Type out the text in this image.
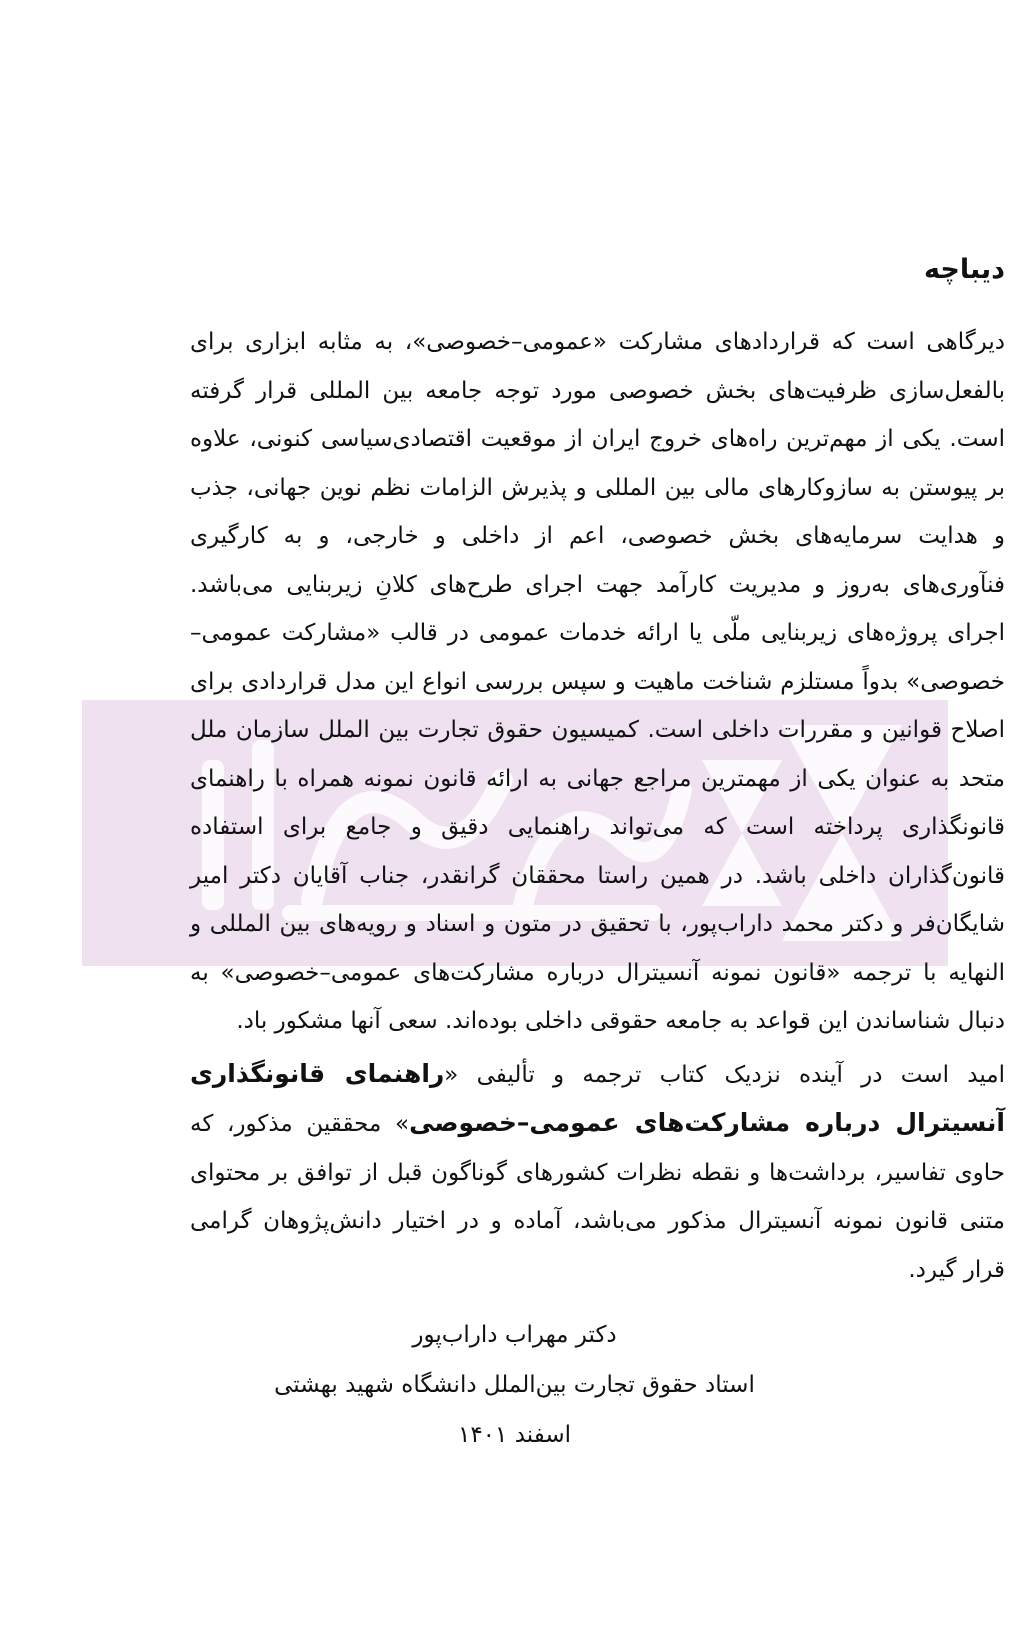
دیباچه

دیرگاهی است که قراردادهای مشارکت «عمومی–خصوصی»، به مثابه ابزاری برای بالفعل‌سازی ظرفیت‌های بخش خصوصی مورد توجه جامعه بین المللی قرار گرفته است. یکی از مهم‌ترین راه‌های خروج ایران از موقعیت اقتصادی‌سیاسی کنونی، علاوه بر پیوستن به سازوکارهای مالی بین المللی و پذیرش الزامات نظم نوین جهانی، جذب و هدایت سرمایه‌های بخش خصوصی، اعم از داخلی و خارجی، و به کارگیری فنآوری‌های به‌روز و مدیریت کارآمد جهت اجرای طرح‌های کلانِ زیربنایی می‌باشد. اجرای پروژه‌های زیربنایی ملّی یا ارائه خدمات عمومی در قالب «مشارکت عمومی–خصوصی» بدواً مستلزم شناخت ماهیت و سپس بررسی انواع این مدل قراردادی برای اصلاح قوانین و مقررات داخلی است. کمیسیون حقوق تجارت بین الملل سازمان ملل متحد به عنوان یکی از مهمترین مراجع جهانی به ارائه قانون نمونه همراه با راهنمای قانونگذاری پرداخته است که می‌تواند راهنمایی دقیق و جامع برای استفاده قانون‌گذاران داخلی باشد. در همین راستا محققان گرانقدر، جناب آقایان دکتر امیر شایگان‌فر و دکتر محمد داراب‌پور، با تحقیق در متون و اسناد و رویه‌های بین المللی و النهایه با ترجمه «قانون نمونه آنسیترال درباره مشارکت‌های عمومی–خصوصی» به دنبال شناساندن این قواعد به جامعه حقوقی داخلی بوده‌اند. سعی آنها مشکور باد.

امید است در آینده نزدیک کتاب ترجمه و تألیفی «راهنمای قانونگذاری آنسیترال درباره مشارکت‌های عمومی–خصوصی» محققین مذکور، که حاوی تفاسیر، برداشت‌ها و نقطه نظرات کشورهای گوناگون قبل از توافق بر محتوای متنی قانون نمونه آنسیترال مذکور می‌باشد، آماده و در اختیار دانش‌پژوهان گرامی قرار گیرد.

دکتر مهراب داراب‌پور
استاد حقوق تجارت بین‌الملل دانشگاه شهید بهشتی
اسفند ۱۴۰۱
